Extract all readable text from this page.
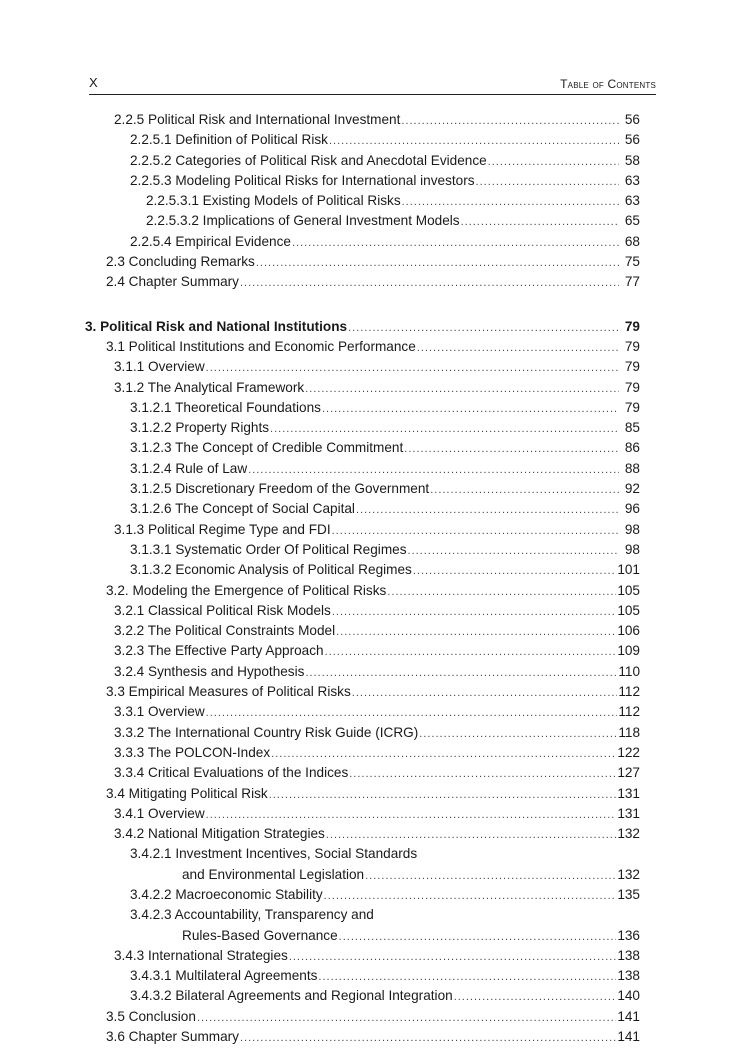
X	Table of Contents
2.2.5 Political Risk and International Investment .....	56
2.2.5.1 Definition of Political Risk .....	56
2.2.5.2 Categories of Political Risk and Anecdotal Evidence .....	58
2.2.5.3 Modeling Political Risks for International investors .....	63
2.2.5.3.1 Existing Models of Political Risks .....	63
2.2.5.3.2 Implications of General Investment Models .....	65
2.2.5.4 Empirical Evidence .....	68
2.3 Concluding Remarks .....	75
2.4 Chapter Summary .....	77
3. Political Risk and National Institutions .....	79
3.1 Political Institutions and Economic Performance .....	79
3.1.1 Overview .....	79
3.1.2 The Analytical Framework .....	79
3.1.2.1 Theoretical Foundations .....	79
3.1.2.2 Property Rights .....	85
3.1.2.3 The Concept of Credible Commitment .....	86
3.1.2.4 Rule of Law .....	88
3.1.2.5 Discretionary Freedom of the Government .....	92
3.1.2.6 The Concept of Social Capital .....	96
3.1.3 Political Regime Type and FDI .....	98
3.1.3.1 Systematic Order Of Political Regimes .....	98
3.1.3.2 Economic Analysis of Political Regimes .....	101
3.2. Modeling the Emergence of Political Risks .....	105
3.2.1 Classical Political Risk Models .....	105
3.2.2 The Political Constraints Model .....	106
3.2.3 The Effective Party Approach .....	109
3.2.4 Synthesis and Hypothesis .....	110
3.3 Empirical Measures of Political Risks .....	112
3.3.1 Overview .....	112
3.3.2 The International Country Risk Guide (ICRG) .....	118
3.3.3 The POLCON-Index .....	122
3.3.4 Critical Evaluations of the Indices .....	127
3.4 Mitigating Political Risk .....	131
3.4.1 Overview .....	131
3.4.2 National Mitigation Strategies .....	132
3.4.2.1 Investment Incentives, Social Standards
and Environmental Legislation .....	132
3.4.2.2 Macroeconomic Stability .....	135
3.4.2.3 Accountability, Transparency and
Rules-Based Governance .....	136
3.4.3 International Strategies .....	138
3.4.3.1 Multilateral Agreements .....	138
3.4.3.2 Bilateral Agreements and Regional Integration .....	140
3.5 Conclusion .....	141
3.6 Chapter Summary .....	141
